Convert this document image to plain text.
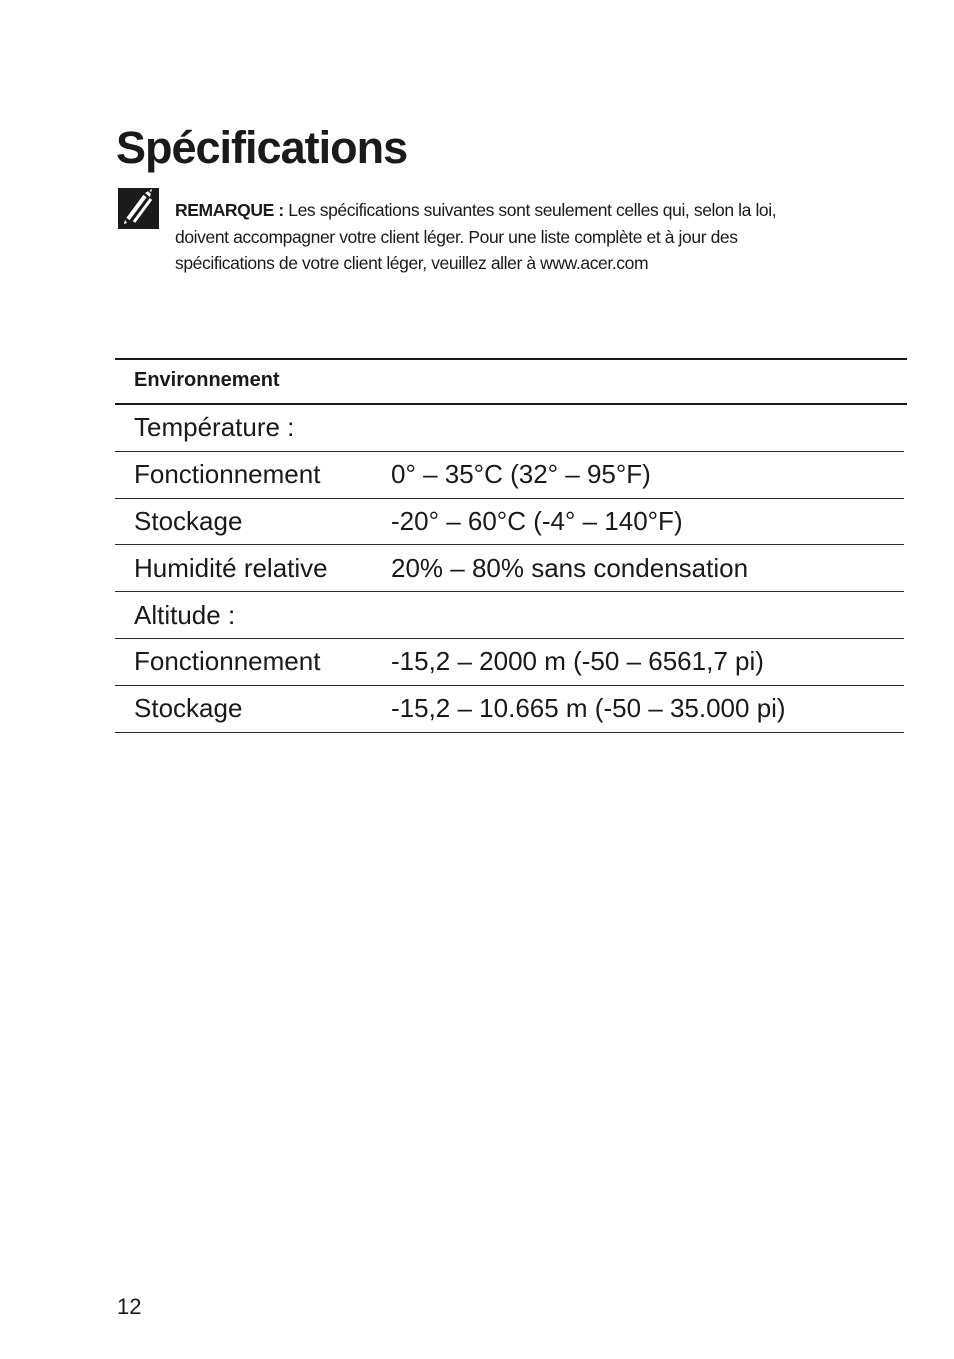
Spécifications
REMARQUE : Les spécifications suivantes sont seulement celles qui, selon la loi, doivent accompagner votre client léger. Pour une liste complète et à jour des spécifications de votre client léger, veuillez aller à www.acer.com
Environnement
Température :
Fonctionnement	0° – 35°C (32° – 95°F)
Stockage	-20° – 60°C (-4° – 140°F)
Humidité relative	20% – 80% sans condensation
Altitude :
Fonctionnement	-15,2 – 2000 m (-50 – 6561,7 pi)
Stockage	-15,2 – 10.665 m (-50 – 35.000 pi)
12
